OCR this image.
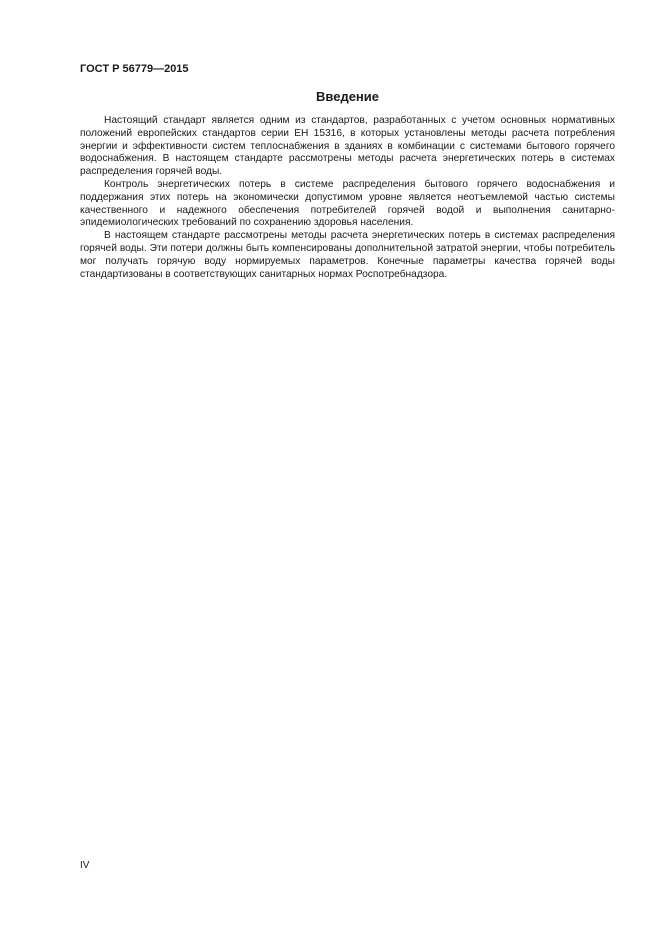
ГОСТ Р 56779—2015
Введение

Настоящий стандарт является одним из стандартов, разработанных с учетом основных нормативных положений европейских стандартов серии ЕН 15316, в которых установлены методы расчета потребления энергии и эффективности систем теплоснабжения в зданиях в комбинации с системами бытового горячего водоснабжения. В настоящем стандарте рассмотрены методы расчета энергетических потерь в системах распределения горячей воды.

Контроль энергетических потерь в системе распределения бытового горячего водоснабжения и поддержания этих потерь на экономически допустимом уровне является неотъемлемой частью системы качественного и надежного обеспечения потребителей горячей водой и выполнения санитарно-эпидемиологических требований по сохранению здоровья населения.

В настоящем стандарте рассмотрены методы расчета энергетических потерь в системах распределения горячей воды. Эти потери должны быть компенсированы дополнительной затратой энергии, чтобы потребитель мог получать горячую воду нормируемых параметров. Конечные параметры качества горячей воды стандартизованы в соответствующих санитарных нормах Роспотребнадзора.

IV
